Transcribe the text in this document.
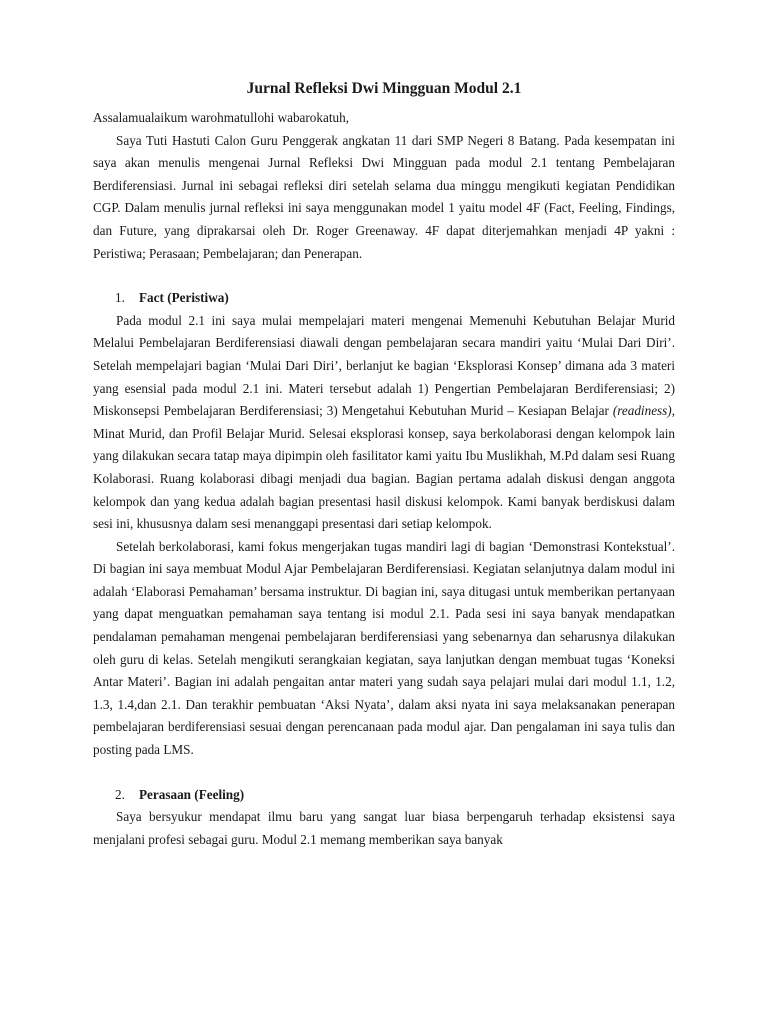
Jurnal Refleksi Dwi Mingguan Modul 2.1
Assalamualaikum warohmatullohi wabarokatuh,

Saya Tuti Hastuti Calon Guru Penggerak angkatan 11 dari SMP Negeri 8 Batang. Pada kesempatan ini saya akan menulis mengenai Jurnal Refleksi Dwi Mingguan pada modul 2.1 tentang Pembelajaran Berdiferensiasi. Jurnal ini sebagai refleksi diri setelah selama dua minggu mengikuti kegiatan Pendidikan CGP. Dalam menulis jurnal refleksi ini saya menggunakan model 1 yaitu model 4F (Fact, Feeling, Findings, dan Future, yang diprakarsai oleh Dr. Roger Greenaway. 4F dapat diterjemahkan menjadi 4P yakni : Peristiwa; Perasaan; Pembelajaran; dan Penerapan.

1. Fact (Peristiwa)

Pada modul 2.1 ini saya mulai mempelajari materi mengenai Memenuhi Kebutuhan Belajar Murid Melalui Pembelajaran Berdiferensiasi diawali dengan pembelajaran secara mandiri yaitu ‘Mulai Dari Diri’. Setelah mempelajari bagian ‘Mulai Dari Diri’, berlanjut ke bagian ‘Eksplorasi Konsep’ dimana ada 3 materi yang esensial pada modul 2.1 ini. Materi tersebut adalah 1) Pengertian Pembelajaran Berdiferensiasi; 2) Miskonsepsi Pembelajaran Berdiferensiasi; 3) Mengetahui Kebutuhan Murid – Kesiapan Belajar (readiness), Minat Murid, dan Profil Belajar Murid. Selesai eksplorasi konsep, saya berkolaborasi dengan kelompok lain yang dilakukan secara tatap maya dipimpin oleh fasilitator kami yaitu Ibu Muslikhah, M.Pd dalam sesi Ruang Kolaborasi. Ruang kolaborasi dibagi menjadi dua bagian. Bagian pertama adalah diskusi dengan anggota kelompok dan yang kedua adalah bagian presentasi hasil diskusi kelompok. Kami banyak berdiskusi dalam sesi ini, khususnya dalam sesi menanggapi presentasi dari setiap kelompok.

Setelah berkolaborasi, kami fokus mengerjakan tugas mandiri lagi di bagian ‘Demonstrasi Kontekstual’. Di bagian ini saya membuat Modul Ajar Pembelajaran Berdiferensiasi. Kegiatan selanjutnya dalam modul ini adalah ‘Elaborasi Pemahaman’ bersama instruktur. Di bagian ini, saya ditugasi untuk memberikan pertanyaan yang dapat menguatkan pemahaman saya tentang isi modul 2.1. Pada sesi ini saya banyak mendapatkan pendalaman pemahaman mengenai pembelajaran berdiferensiasi yang sebenarnya dan seharusnya dilakukan oleh guru di kelas. Setelah mengikuti serangkaian kegiatan, saya lanjutkan dengan membuat tugas ‘Koneksi Antar Materi’. Bagian ini adalah pengaitan antar materi yang sudah saya pelajari mulai dari modul 1.1, 1.2, 1.3, 1.4,dan 2.1. Dan terakhir pembuatan ‘Aksi Nyata’, dalam aksi nyata ini saya melaksanakan penerapan pembelajaran berdiferensiasi sesuai dengan perencanaan pada modul ajar. Dan pengalaman ini saya tulis dan posting pada LMS.

2. Perasaan (Feeling)

Saya bersyukur mendapat ilmu baru yang sangat luar biasa berpengaruh terhadap eksistensi saya menjalani profesi sebagai guru. Modul 2.1 memang memberikan saya banyak
